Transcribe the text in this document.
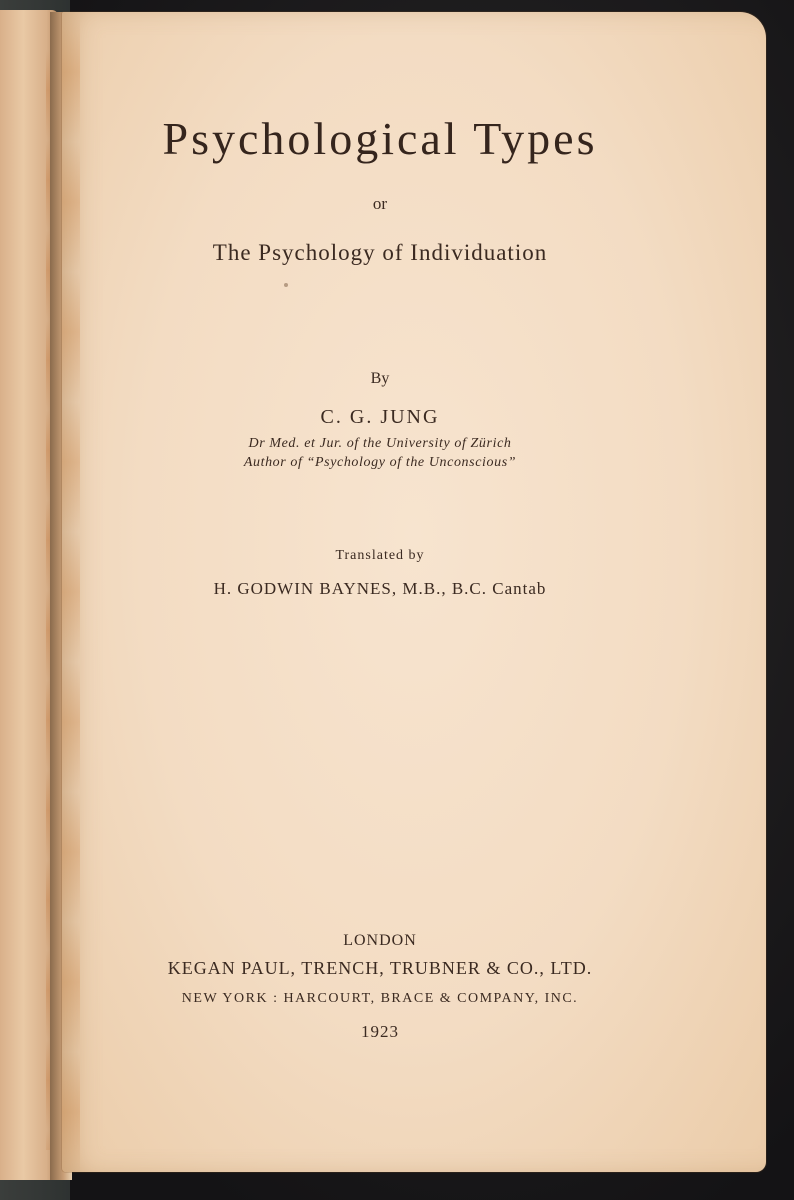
Psychological Types

or

The Psychology of Individuation

By

C. G. JUNG

Dr Med. et Jur. of the University of Zürich

Author of “Psychology of the Unconscious”

Translated by

H. GODWIN BAYNES, M.B., B.C. Cantab

LONDON

KEGAN PAUL, TRENCH, TRUBNER & CO., LTD.

NEW YORK : HARCOURT, BRACE & COMPANY, INC.

1923
